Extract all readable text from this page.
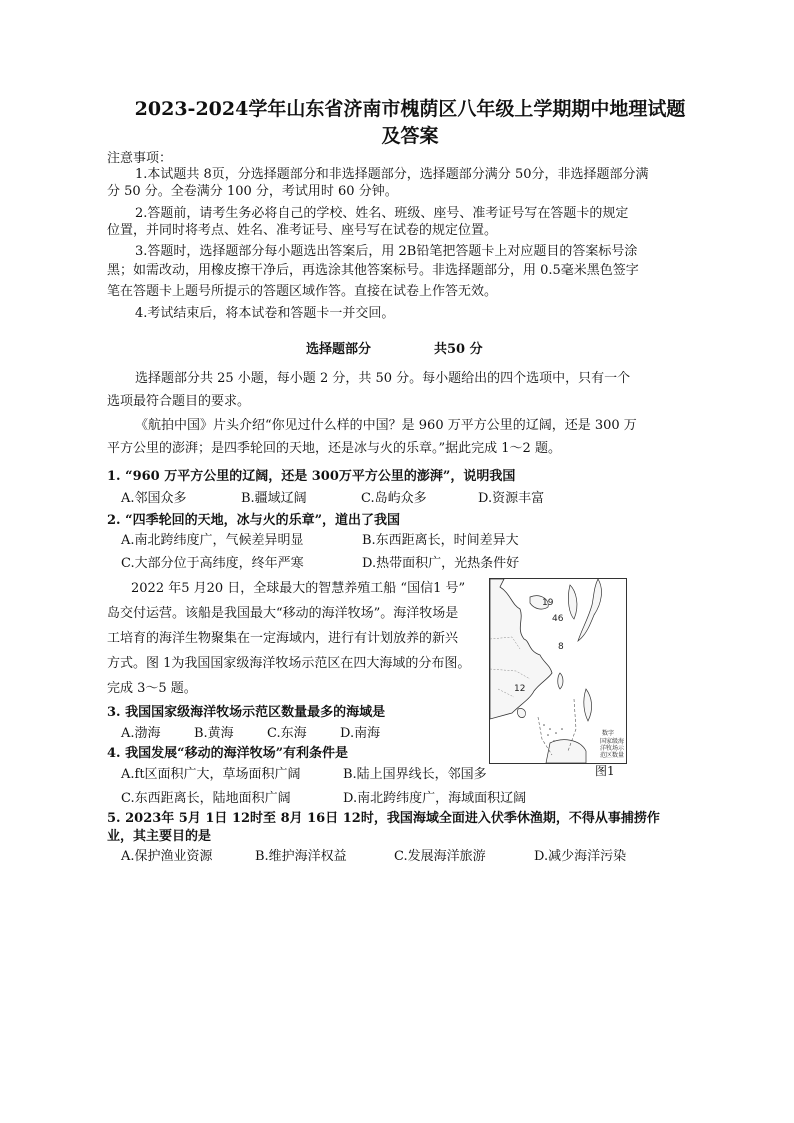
2023-2024学年山东省济南市槐荫区八年级上学期期中地理试题
及答案
注意事项：
1.本试题共 8页，分选择题部分和非选择题部分，选择题部分满分 50分，非选择题部分满
分 50 分。全卷满分 100 分，考试用时 60 分钟。
2.答题前，请考生务必将自己的学校、姓名、班级、座号、准考证号写在答题卡的规定
位置，并同时将考点、姓名、准考证号、座号写在试卷的规定位置。
3.答题时，选择题部分每小题选出答案后，用 2B铅笔把答题卡上对应题目的答案标号涂
黑；如需改动，用橡皮擦干净后，再选涂其他答案标号。非选择题部分，用 0.5毫米黑色签字
笔在答题卡上题号所提示的答题区域作答。直接在试卷上作答无效。
4.考试结束后，将本试卷和答题卡一并交回。
选择题部分	共50 分
选择题部分共 25 小题，每小题 2 分，共 50 分。每小题给出的四个选项中，只有一个
选项最符合题目的要求。
《航拍中国》片头介绍“你见过什么样的中国？是 960 万平方公里的辽阔，还是 300 万
平方公里的澎湃；是四季轮回的天地，还是冰与火的乐章。”据此完成 1～2 题。
1. “960 万平方公里的辽阔，还是 300万平方公里的澎湃”，说明我国
A.邻国众多	B.疆域辽阔	C.岛屿众多	D.资源丰富
2. “四季轮回的天地，冰与火的乐章”，道出了我国
A.南北跨纬度广，气候差异明显	B.东西距离长，时间差异大
C.大部分位于高纬度，终年严寒	D.热带面积广，光热条件好
2022 年5 月20 日，全球最大的智慧养殖工船 “国信1 号”
岛交付运营。该船是我国最大“移动的海洋牧场”。海洋牧场是
工培育的海洋生物聚集在一定海域内，进行有计划放养的新兴
方式。图 1为我国国家级海洋牧场示范区在四大海域的分布图。
完成 3～5 题。
19
46
8
12
数字
国家级海
洋牧场示
范区数量
图1
3. 我国国家级海洋牧场示范区数量最多的海域是
A.渤海	B.黄海	C.东海	D.南海
4. 我国发展“移动的海洋牧场”有利条件是
A.ft区面积广大，草场面积广阔	B.陆上国界线长，邻国多
C.东西距离长，陆地面积广阔	D.南北跨纬度广，海域面积辽阔
5. 2023年 5月 1日 12时至 8月 16日 12时，我国海域全面进入伏季休渔期，不得从事捕捞作
业，其主要目的是
A.保护渔业资源	B.维护海洋权益	C.发展海洋旅游	D.减少海洋污染
